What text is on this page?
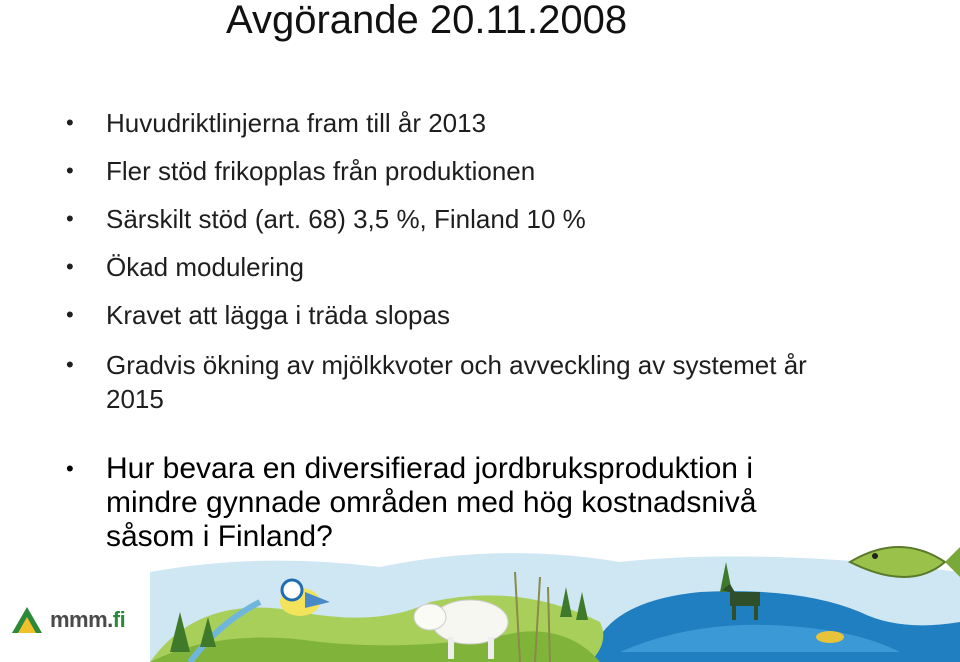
Avgörande 20.11.2008
• Huvudriktlinjerna fram till år 2013
• Fler stöd frikopplas från produktionen
• Särskilt stöd (art. 68) 3,5 %, Finland 10 %
• Ökad modulering
• Kravet att lägga i träda slopas
• Gradvis ökning av mjölkkvoter och avveckling av systemet år 2015
• Hur bevara en diversifierad jordbruksproduktion i mindre gynnade områden med hög kostnadsnivå såsom i Finland?
mmm.fi
